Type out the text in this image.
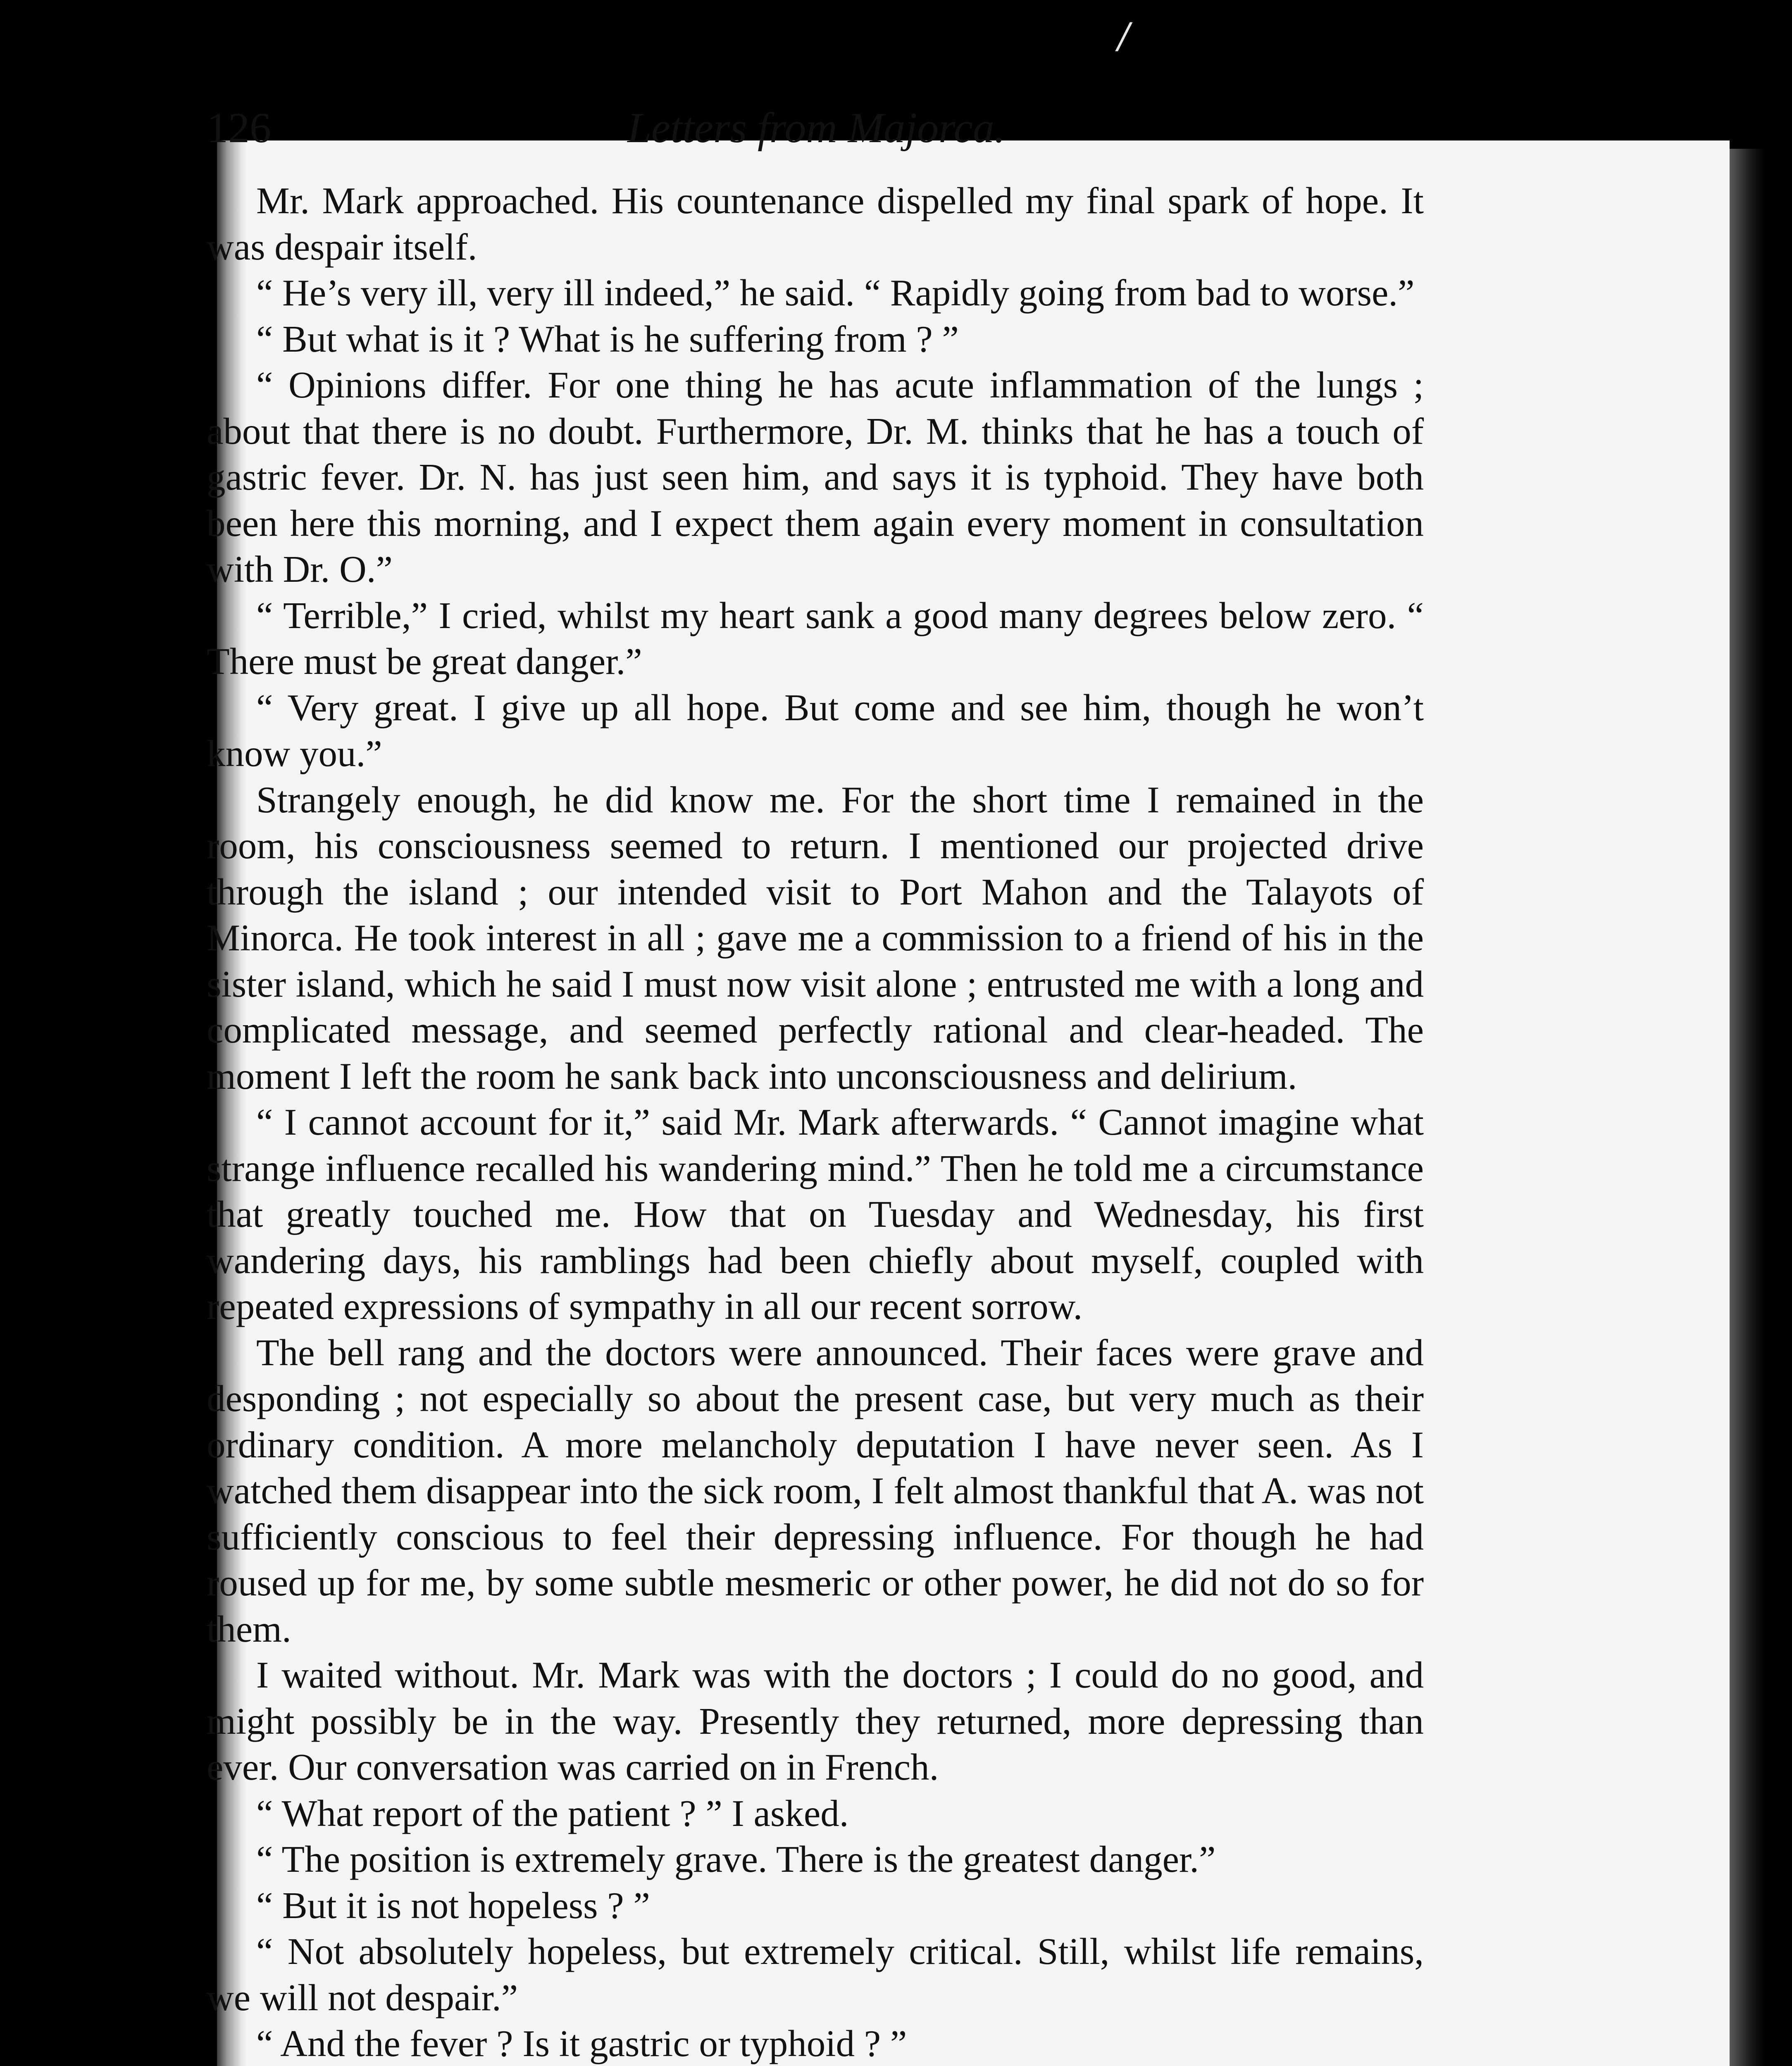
/
126	Letters from Majorca.

Mr. Mark approached. His countenance dispelled my final spark of hope. It was despair itself.

“ He’s very ill, very ill indeed,” he said. “ Rapidly going from bad to worse.”

“ But what is it ? What is he suffering from ? ”

“ Opinions differ. For one thing he has acute inflammation of the lungs ; about that there is no doubt. Furthermore, Dr. M. thinks that he has a touch of gastric fever. Dr. N. has just seen him, and says it is typhoid. They have both been here this morning, and I expect them again every moment in consultation with Dr. O.”

“ Terrible,” I cried, whilst my heart sank a good many degrees below zero. “ There must be great danger.”

“ Very great. I give up all hope. But come and see him, though he won’t know you.”

Strangely enough, he did know me. For the short time I remained in the room, his consciousness seemed to return. I mentioned our projected drive through the island ; our intended visit to Port Mahon and the Talayots of Minorca. He took interest in all ; gave me a commission to a friend of his in the sister island, which he said I must now visit alone ; entrusted me with a long and complicated message, and seemed perfectly rational and clear-headed. The moment I left the room he sank back into unconsciousness and delirium.

“ I cannot account for it,” said Mr. Mark afterwards. “ Cannot imagine what strange influence recalled his wandering mind.” Then he told me a circumstance that greatly touched me. How that on Tuesday and Wednesday, his first wandering days, his ramblings had been chiefly about myself, coupled with repeated expressions of sympathy in all our recent sorrow.

The bell rang and the doctors were announced. Their faces were grave and desponding ; not especially so about the present case, but very much as their ordinary condition. A more melancholy deputation I have never seen. As I watched them disappear into the sick room, I felt almost thankful that A. was not sufficiently conscious to feel their depressing influence. For though he had roused up for me, by some subtle mesmeric or other power, he did not do so for them.

I waited without. Mr. Mark was with the doctors ; I could do no good, and might possibly be in the way. Presently they returned, more depressing than ever. Our conversation was carried on in French.

“ What report of the patient ? ” I asked.

“ The position is extremely grave. There is the greatest danger.”

“ But it is not hopeless ? ”

“ Not absolutely hopeless, but extremely critical. Still, whilst life remains, we will not despair.”

“ And the fever ? Is it gastric or typhoid ? ”
